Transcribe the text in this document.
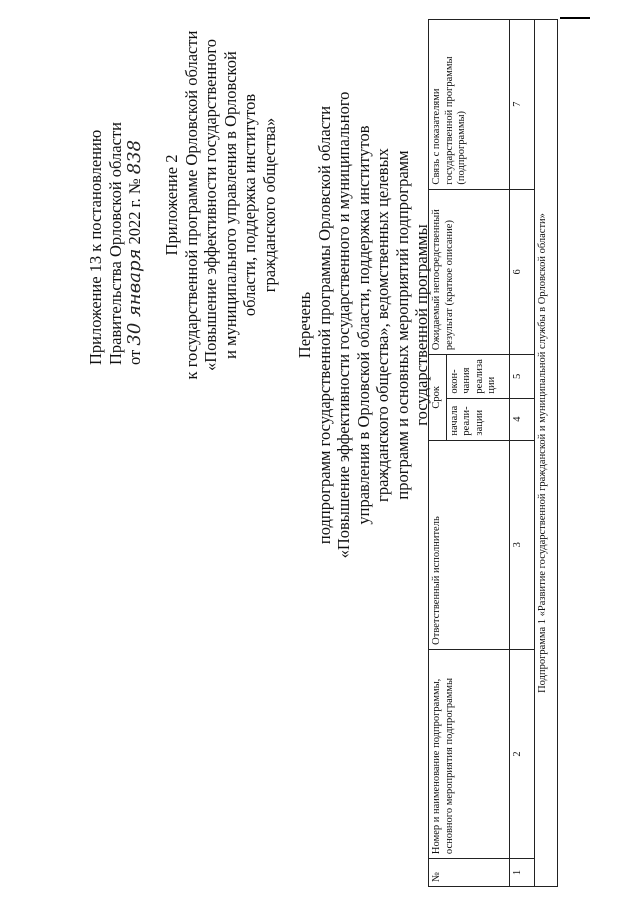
Приложение 13 к постановлению Правительства Орловской области от 30 января 2022 г. № 838 Приложение 2 к государственной программе Орловской области «Повышение эффективности государственного и муниципального управления в Орловской области, поддержка институтов гражданского общества»
Перечень подпрограмм государственной программы Орловской области «Повышение эффективности государственного и муниципального управления в Орловской области, поддержка институтов гражданского общества», ведомственных целевых программ и основных мероприятий подпрограмм государственной программы
№	Номер и наименование подпрограммы, основного мероприятия подпрограммы	Ответственный исполнитель	Срок		Ожидаемый непосредственный результат (краткое описание)	Связь с показателями государственной программы (подпрограммы)
			начала реали-зации	окон-чания реализа ции		
1	2	3	4	5	6	7
Подпрограмма 1 «Развитие государственной гражданской и муниципальной службы в Орловской области»						
